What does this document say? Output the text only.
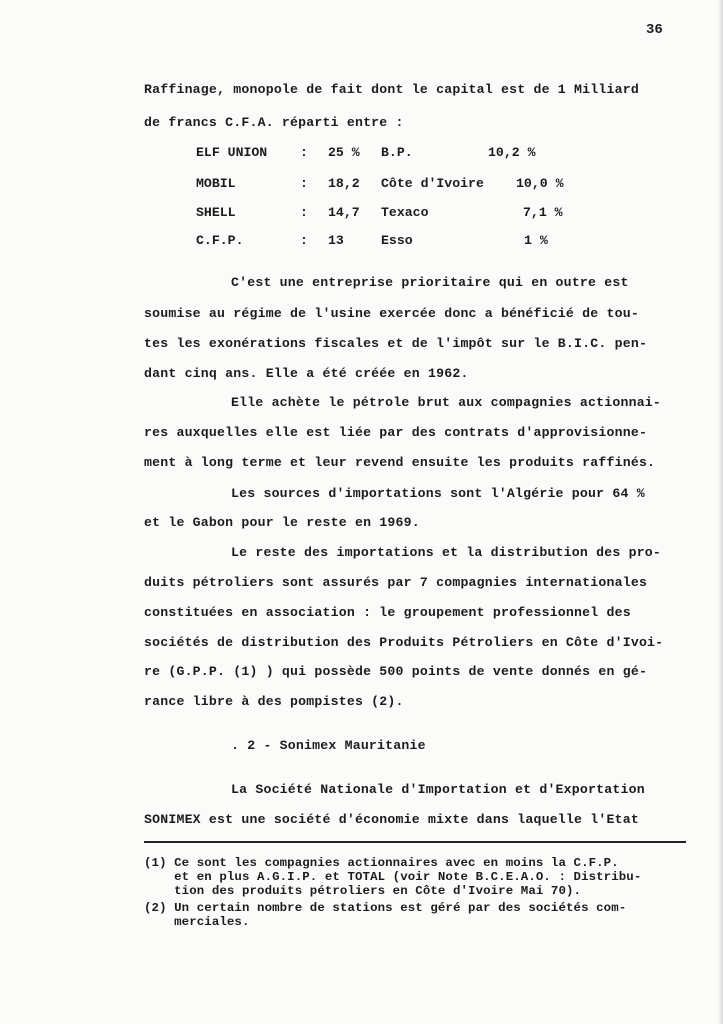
36
Raffinage, monopole de fait dont le capital est de 1 Milliard
de francs C.F.A. réparti entre :
ELF UNION : 25 % B.P.	10,2 %
MOBIL	: 18,2 Côte d'Ivoire 10,0 %
SHELL	: 14,7 Texaco	7,1 %
C.F.P.	: 13	Esso	1 %
C'est une entreprise prioritaire qui en outre est
soumise au régime de l'usine exercée donc a bénéficié de tou-
tes les exonérations fiscales et de l'impôt sur le B.I.C. pen-
dant cinq ans. Elle a été créée en 1962.
Elle achète le pétrole brut aux compagnies actionnai-
res auxquelles elle est liée par des contrats d'approvisionne-
ment à long terme et leur revend ensuite les produits raffinés.
Les sources d'importations sont l'Algérie pour 64 %
et le Gabon pour le reste en 1969.
Le reste des importations et la distribution des pro-
duits pétroliers sont assurés par 7 compagnies internationales
constituées en association : le groupement professionnel des
sociétés de distribution des Produits Pétroliers en Côte d'Ivoi-
re (G.P.P. (1) ) qui possède 500 points de vente donnés en gé-
rance libre à des pompistes (2).
. 2 - Sonimex Mauritanie
La Société Nationale d'Importation et d'Exportation
SONIMEX est une société d'économie mixte dans laquelle l'Etat
(1) Ce sont les compagnies actionnaires avec en moins la C.F.P.
et en plus A.G.I.P. et TOTAL (voir Note B.C.E.A.O. : Distribu-
tion des produits pétroliers en Côte d'Ivoire Mai 70).
(2) Un certain nombre de stations est géré par des sociétés com-
merciales.
